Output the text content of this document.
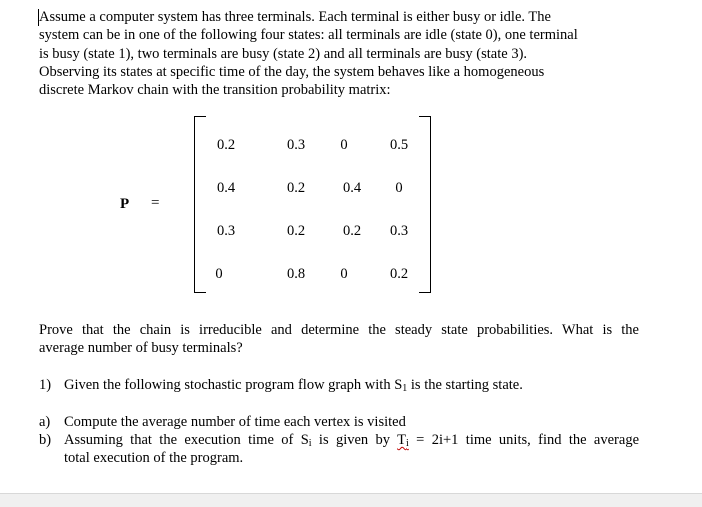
Assume a computer system has three terminals. Each terminal is either busy or idle. The
system can be in one of the following four states: all terminals are idle (state 0), one terminal
is busy (state 1), two terminals are busy (state 2) and all terminals are busy (state 3).
Observing its states at specific time of the day, the system behaves like a homogeneous
discrete Markov chain with the transition probability matrix:
P =
0.2	0.3	0	0.5
0.4	0.2	0.4	0
0.3	0.2	0.2	0.3
0	0.8	0	0.2
Prove that the chain is irreducible and determine the steady state probabilities. What is the
average number of busy terminals?
1) Given the following stochastic program flow graph with $S_1$ is the starting state.
a) Compute the average number of time each vertex is visited
b) Assuming that the execution time of $S_i$ is given by $T_i = 2i+1$ time units, find the average
total execution of the program.
